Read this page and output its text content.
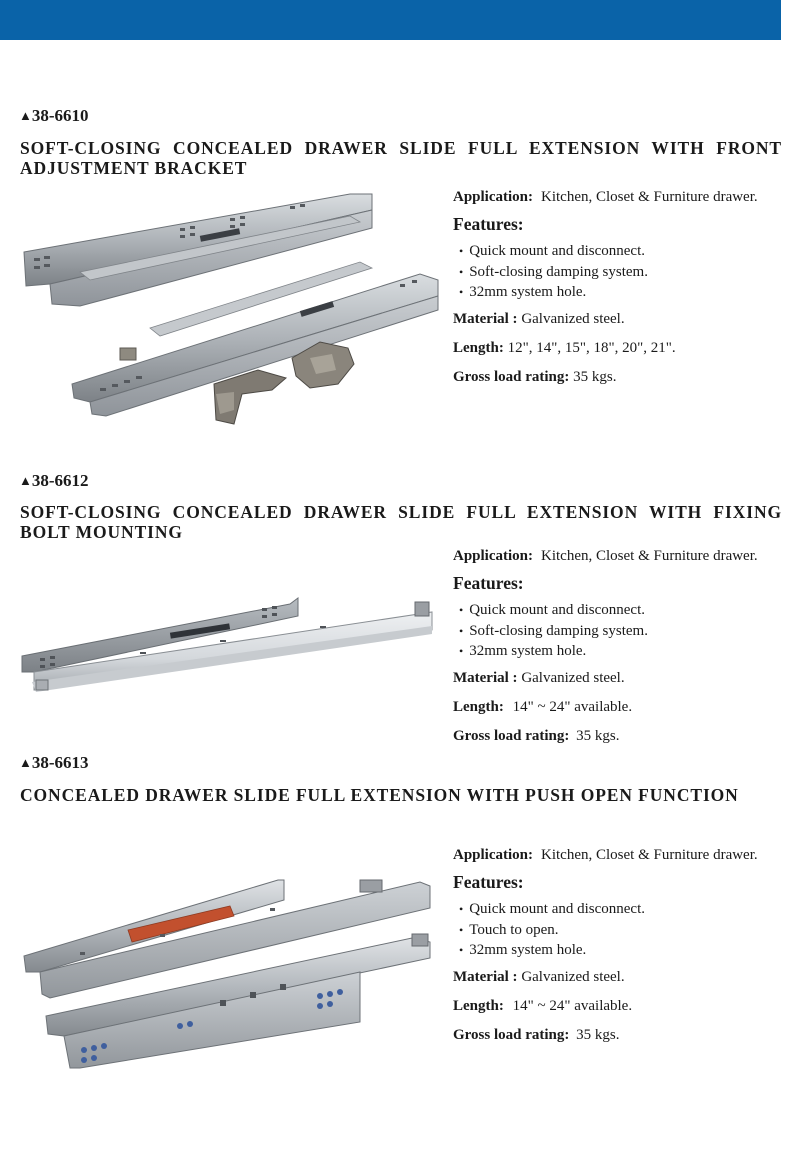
▲38-6610
SOFT-CLOSING CONCEALED DRAWER SLIDE FULL EXTENSION WITH FRONT ADJUSTMENT BRACKET
Application: Kitchen, Closet & Furniture drawer.
Features:
• Quick mount and disconnect.
• Soft-closing damping system.
• 32mm system hole.
Material : Galvanized steel.
Length: 12", 14", 15", 18", 20", 21".
Gross load rating: 35 kgs.
▲38-6612
SOFT-CLOSING CONCEALED DRAWER SLIDE FULL EXTENSION WITH FIXING BOLT MOUNTING
Application: Kitchen, Closet & Furniture drawer.
Features:
• Quick mount and disconnect.
• Soft-closing damping system.
• 32mm system hole.
Material : Galvanized steel.
Length: 14" ~ 24" available.
Gross load rating: 35 kgs.
▲38-6613
CONCEALED DRAWER SLIDE FULL EXTENSION WITH PUSH OPEN FUNCTION
Application: Kitchen, Closet & Furniture drawer.
Features:
• Quick mount and disconnect.
• Touch to open.
• 32mm system hole.
Material : Galvanized steel.
Length: 14" ~ 24" available.
Gross load rating: 35 kgs.
